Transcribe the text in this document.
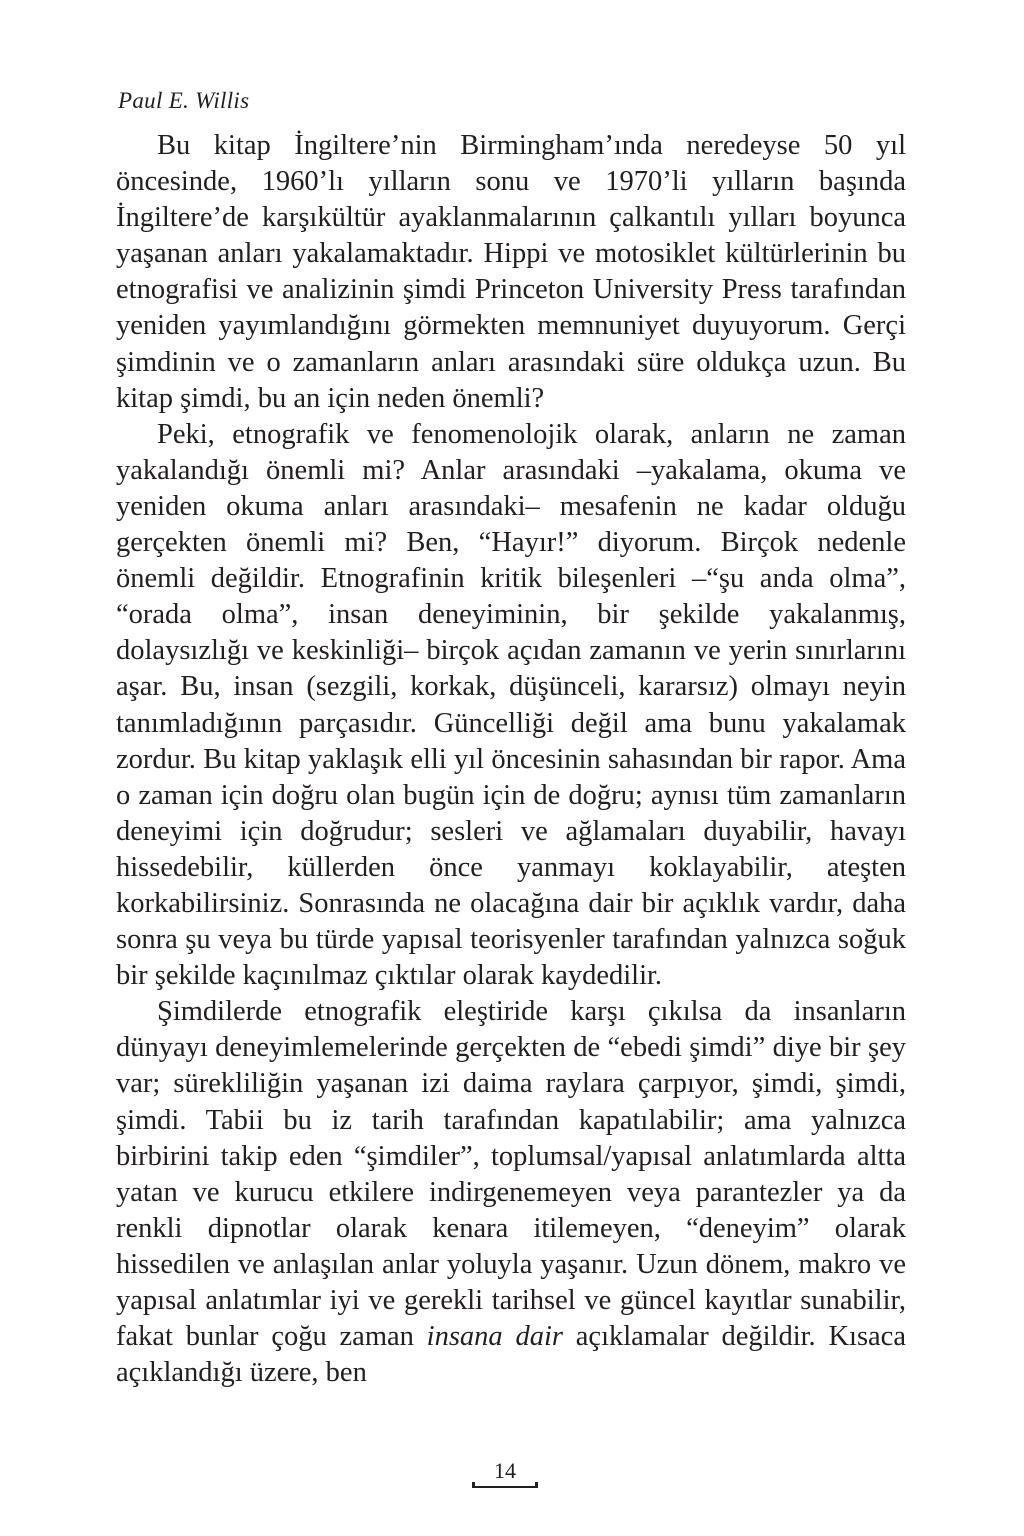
Paul E. Willis

Bu kitap İngiltere’nin Birmingham’ında neredeyse 50 yıl öncesinde, 1960’lı yılların sonu ve 1970’li yılların başında İngiltere’de karşıkültür ayaklanmalarının çalkantılı yılları boyunca yaşanan anları yakalamaktadır. Hippi ve motosiklet kültürlerinin bu etnografisi ve analizinin şimdi Princeton University Press tarafından yeniden yayımlandığını görmekten memnuniyet duyuyorum. Gerçi şimdinin ve o zamanların anları arasındaki süre oldukça uzun. Bu kitap şimdi, bu an için neden önemli?

Peki, etnografik ve fenomenolojik olarak, anların ne zaman yakalandığı önemli mi? Anlar arasındaki –yakalama, okuma ve yeniden okuma anları arasındaki– mesafenin ne kadar olduğu gerçekten önemli mi? Ben, “Hayır!” diyorum. Birçok nedenle önemli değildir. Etnografinin kritik bileşenleri –“şu anda olma”, “orada olma”, insan deneyiminin, bir şekilde yakalanmış, dolaysızlığı ve keskinliği– birçok açıdan zamanın ve yerin sınırlarını aşar. Bu, insan (sezgili, korkak, düşünceli, kararsız) olmayı neyin tanımladığının parçasıdır. Güncelliği değil ama bunu yakalamak zordur. Bu kitap yaklaşık elli yıl öncesinin sahasından bir rapor. Ama o zaman için doğru olan bugün için de doğru; aynısı tüm zamanların deneyimi için doğrudur; sesleri ve ağlamaları duyabilir, havayı hissedebilir, küllerden önce yanmayı koklayabilir, ateşten korkabilirsiniz. Sonrasında ne olacağına dair bir açıklık vardır, daha sonra şu veya bu türde yapısal teorisyenler tarafından yalnızca soğuk bir şekilde kaçınılmaz çıktılar olarak kaydedilir.

Şimdilerde etnografik eleştiride karşı çıkılsa da insanların dünyayı deneyimlemelerinde gerçekten de “ebedi şimdi” diye bir şey var; sürekliliğin yaşanan izi daima raylara çarpıyor, şimdi, şimdi, şimdi. Tabii bu iz tarih tarafından kapatılabilir; ama yalnızca birbirini takip eden “şimdiler”, toplumsal/yapısal anlatımlarda altta yatan ve kurucu etkilere indirgenemeyen veya parantezler ya da renkli dipnotlar olarak kenara itilemeyen, “deneyim” olarak hissedilen ve anlaşılan anlar yoluyla yaşanır. Uzun dönem, makro ve yapısal anlatımlar iyi ve gerekli tarihsel ve güncel kayıtlar sunabilir, fakat bunlar çoğu zaman insana dair açıklamalar değildir. Kısaca açıklandığı üzere, ben

14
